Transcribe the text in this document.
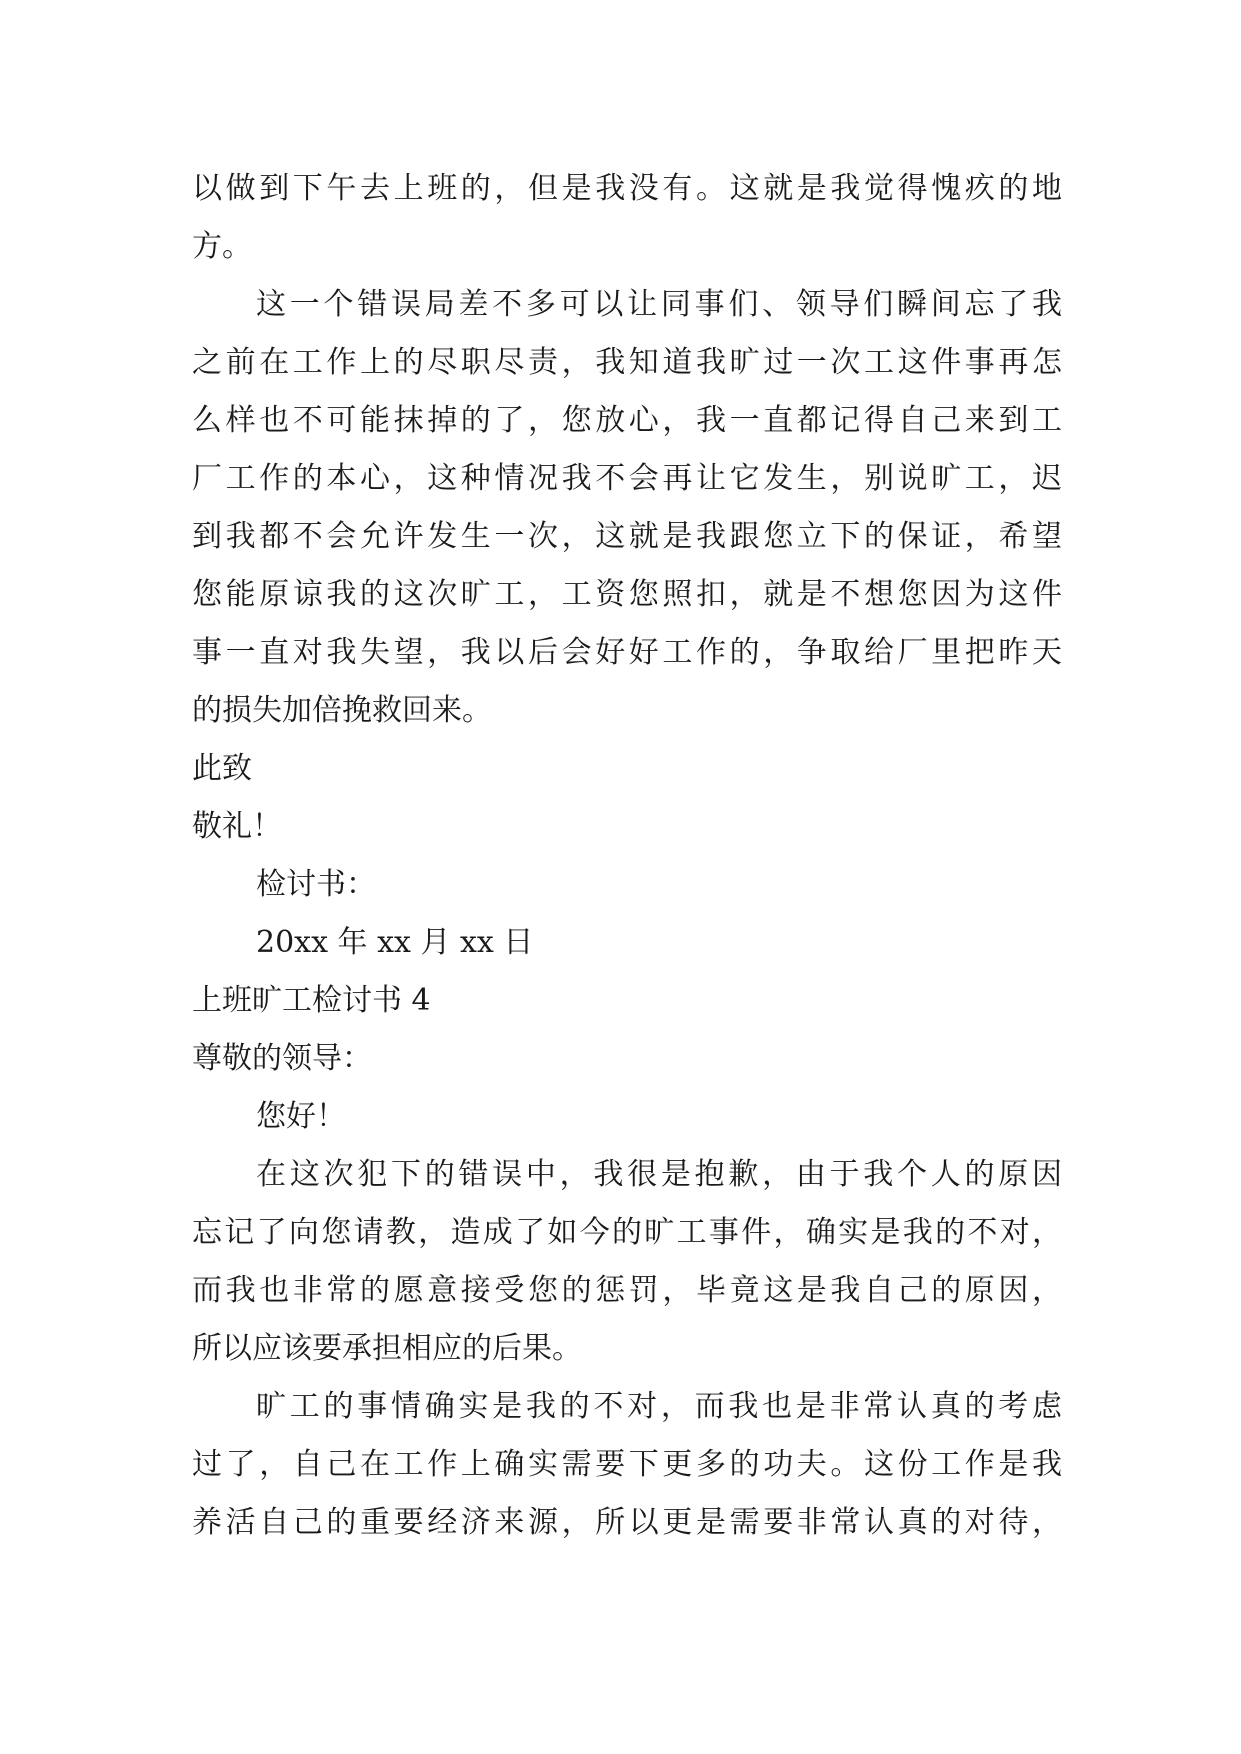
以做到下午去上班的，但是我没有。这就是我觉得愧疚的地
方。
这一个错误局差不多可以让同事们、领导们瞬间忘了我
之前在工作上的尽职尽责，我知道我旷过一次工这件事再怎
么样也不可能抹掉的了，您放心，我一直都记得自己来到工
厂工作的本心，这种情况我不会再让它发生，别说旷工，迟
到我都不会允许发生一次，这就是我跟您立下的保证，希望
您能原谅我的这次旷工，工资您照扣，就是不想您因为这件
事一直对我失望，我以后会好好工作的，争取给厂里把昨天
的损失加倍挽救回来。
此致
敬礼！
检讨书：
20xx 年 xx 月 xx 日
上班旷工检讨书 4
尊敬的领导：
您好！
在这次犯下的错误中，我很是抱歉，由于我个人的原因
忘记了向您请教，造成了如今的旷工事件，确实是我的不对，
而我也非常的愿意接受您的惩罚，毕竟这是我自己的原因，
所以应该要承担相应的后果。
旷工的事情确实是我的不对，而我也是非常认真的考虑
过了，自己在工作上确实需要下更多的功夫。这份工作是我
养活自己的重要经济来源，所以更是需要非常认真的对待，
